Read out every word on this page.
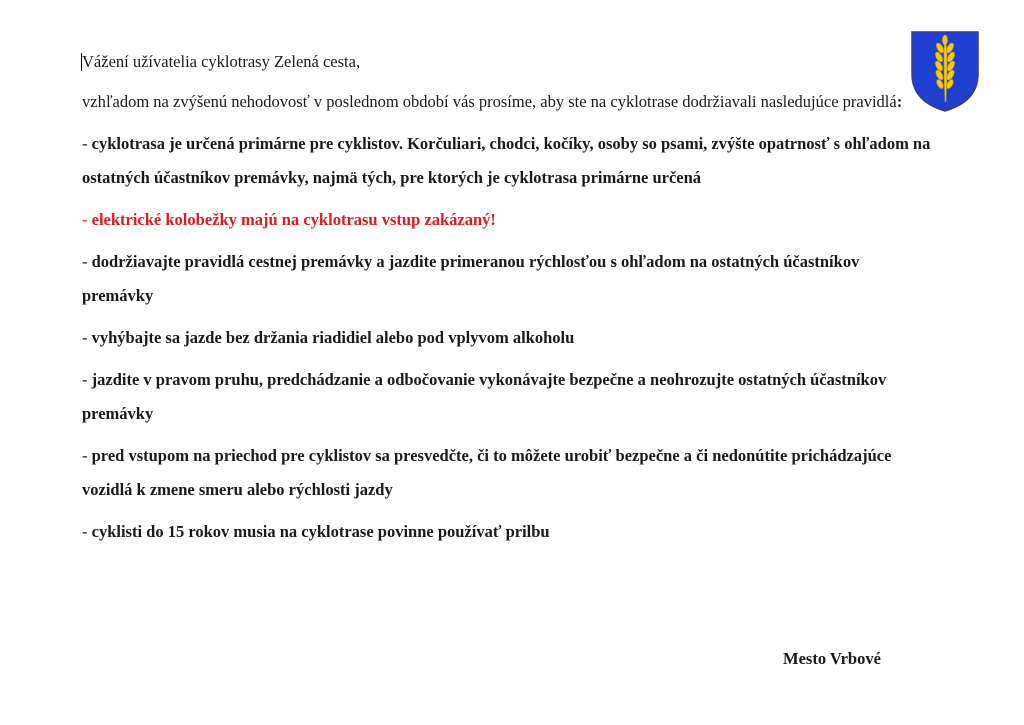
Vážení užívatelia cyklotrasy Zelená cesta,

vzhľadom na zvýšenú nehodovosť v poslednom období vás prosíme, aby ste na cyklotrase dodržiavali nasledujúce pravidlá:

- cyklotrasa je určená primárne pre cyklistov. Korčuliari, chodci, kočíky, osoby so psami, zvýšte opatrnosť s ohľadom na ostatných účastníkov premávky, najmä tých, pre ktorých je cyklotrasa primárne určená
- elektrické kolobežky majú na cyklotrasu vstup zakázaný!
- dodržiavajte pravidlá cestnej premávky a jazdite primeranou rýchlosťou s ohľadom na ostatných účastníkov premávky
- vyhýbajte sa jazde bez držania riadidiel alebo pod vplyvom alkoholu
- jazdite v pravom pruhu, predchádzanie a odbočovanie vykonávajte bezpečne a neohrozujte ostatných účastníkov premávky
- pred vstupom na priechod pre cyklistov sa presvedčte, či to môžete urobiť bezpečne a či nedonútite prichádzajúce vozidlá k zmene smeru alebo rýchlosti jazdy
- cyklisti do 15 rokov musia na cyklotrase povinne používať prilbu
Mesto Vrbové
